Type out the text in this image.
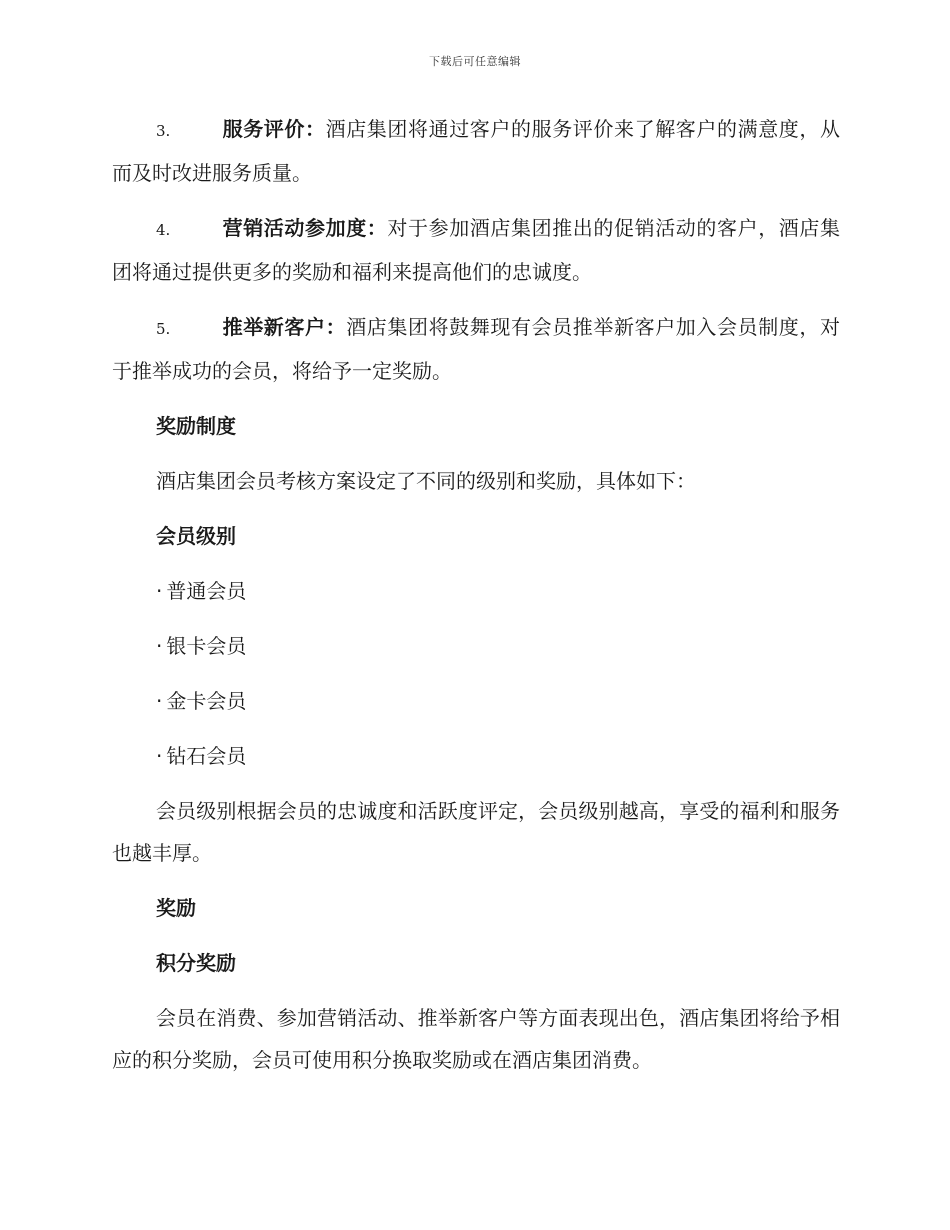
下载后可任意编辑

3.	服务评价：酒店集团将通过客户的服务评价来了解客户的满意度，从而及时改进服务质量。

4.	营销活动参加度：对于参加酒店集团推出的促销活动的客户，酒店集团将通过提供更多的奖励和福利来提高他们的忠诚度。

5.	推举新客户：酒店集团将鼓舞现有会员推举新客户加入会员制度，对于推举成功的会员，将给予一定奖励。

奖励制度

酒店集团会员考核方案设定了不同的级别和奖励，具体如下：

会员级别

· 普通会员

· 银卡会员

· 金卡会员

· 钻石会员

会员级别根据会员的忠诚度和活跃度评定，会员级别越高，享受的福利和服务也越丰厚。

奖励

积分奖励

会员在消费、参加营销活动、推举新客户等方面表现出色，酒店集团将给予相应的积分奖励，会员可使用积分换取奖励或在酒店集团消费。
